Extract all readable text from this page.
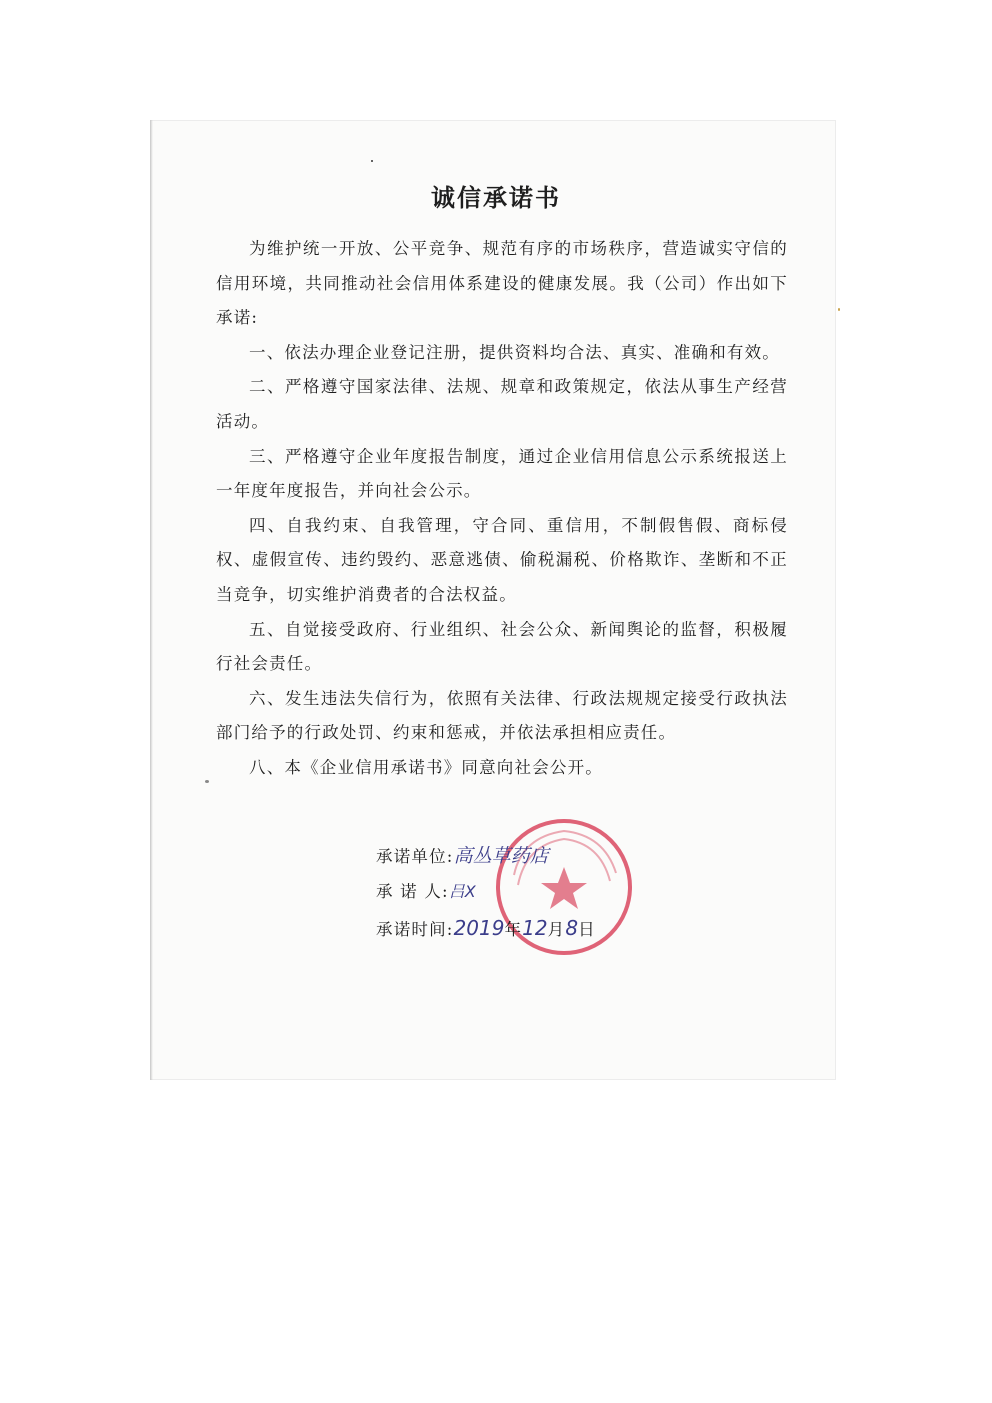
诚信承诺书

为维护统一开放、公平竞争、规范有序的市场秩序，营造诚实守信的信用环境，共同推动社会信用体系建设的健康发展。我（公司）作出如下承诺:

一、依法办理企业登记注册，提供资料均合法、真实、准确和有效。

二、严格遵守国家法律、法规、规章和政策规定，依法从事生产经营活动。

三、严格遵守企业年度报告制度，通过企业信用信息公示系统报送上一年度年度报告，并向社会公示。

四、自我约束、自我管理，守合同、重信用，不制假售假、商标侵权、虚假宣传、违约毁约、恶意逃债、偷税漏税、价格欺诈、垄断和不正当竞争，切实维护消费者的合法权益。

五、自觉接受政府、行业组织、社会公众、新闻舆论的监督，积极履行社会责任。

六、发生违法失信行为，依照有关法律、行政法规规定接受行政执法部门给予的行政处罚、约束和惩戒，并依法承担相应责任。

八、本《企业信用承诺书》同意向社会公开。

承诺单位:高丛草药店
承 诺 人:吕X
承诺时间:2019年12月8日
